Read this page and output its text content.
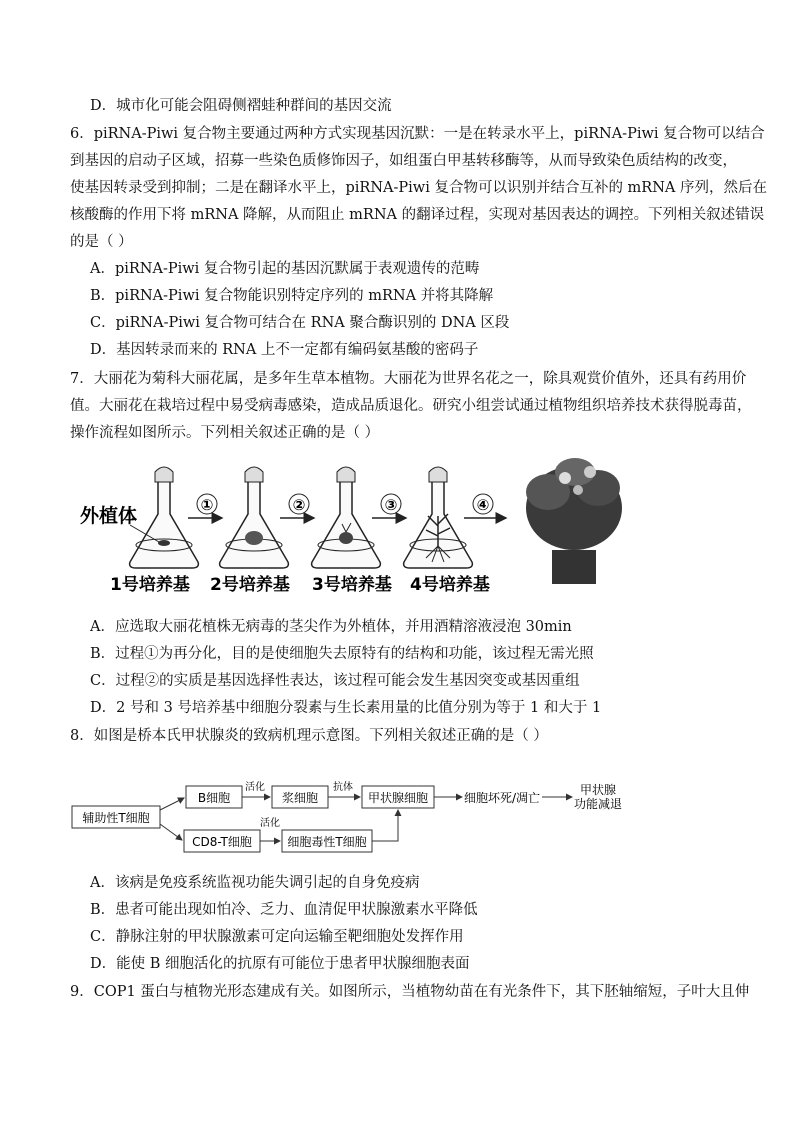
D．城市化可能会阻碍侧褶蛙种群间的基因交流
6．piRNA-Piwi 复合物主要通过两种方式实现基因沉默：一是在转录水平上，piRNA-Piwi 复合物可以结合
到基因的启动子区域，招募一些染色质修饰因子，如组蛋白甲基转移酶等，从而导致染色质结构的改变，
使基因转录受到抑制；二是在翻译水平上，piRNA-Piwi 复合物可以识别并结合互补的 mRNA 序列，然后在
核酸酶的作用下将 mRNA 降解，从而阻止 mRNA 的翻译过程，实现对基因表达的调控。下列相关叙述错误
的是（ ）
A．piRNA-Piwi 复合物引起的基因沉默属于表观遗传的范畴
B．piRNA-Piwi 复合物能识别特定序列的 mRNA 并将其降解
C．piRNA-Piwi 复合物可结合在 RNA 聚合酶识别的 DNA 区段
D．基因转录而来的 RNA 上不一定都有编码氨基酸的密码子
7．大丽花为菊科大丽花属，是多年生草本植物。大丽花为世界名花之一，除具观赏价值外，还具有药用价
值。大丽花在栽培过程中易受病毒感染，造成品质退化。研究小组尝试通过植物组织培养技术获得脱毒苗，
操作流程如图所示。下列相关叙述正确的是（ ）
外植体	①	②	③	④
1号培养基 2号培养基 3号培养基 4号培养基
A．应选取大丽花植株无病毒的茎尖作为外植体，并用酒精溶液浸泡 30min
B．过程①为再分化，目的是使细胞失去原特有的结构和功能，该过程无需光照
C．过程②的实质是基因选择性表达，该过程可能会发生基因突变或基因重组
D．2 号和 3 号培养基中细胞分裂素与生长素用量的比值分别为等于 1 和大于 1
8．如图是桥本氏甲状腺炎的致病机理示意图。下列相关叙述正确的是（ ）
辅助性T细胞
B细胞	浆细胞	甲状腺细胞	细胞坏死/凋亡
甲状腺
功能减退
CD8-T细胞	细胞毒性T细胞
活化	抗体
活化
A．该病是免疫系统监视功能失调引起的自身免疫病
B．患者可能出现如怕冷、乏力、血清促甲状腺激素水平降低
C．静脉注射的甲状腺激素可定向运输至靶细胞处发挥作用
D．能使 B 细胞活化的抗原有可能位于患者甲状腺细胞表面
9．COP1 蛋白与植物光形态建成有关。如图所示，当植物幼苗在有光条件下，其下胚轴缩短，子叶大且伸
